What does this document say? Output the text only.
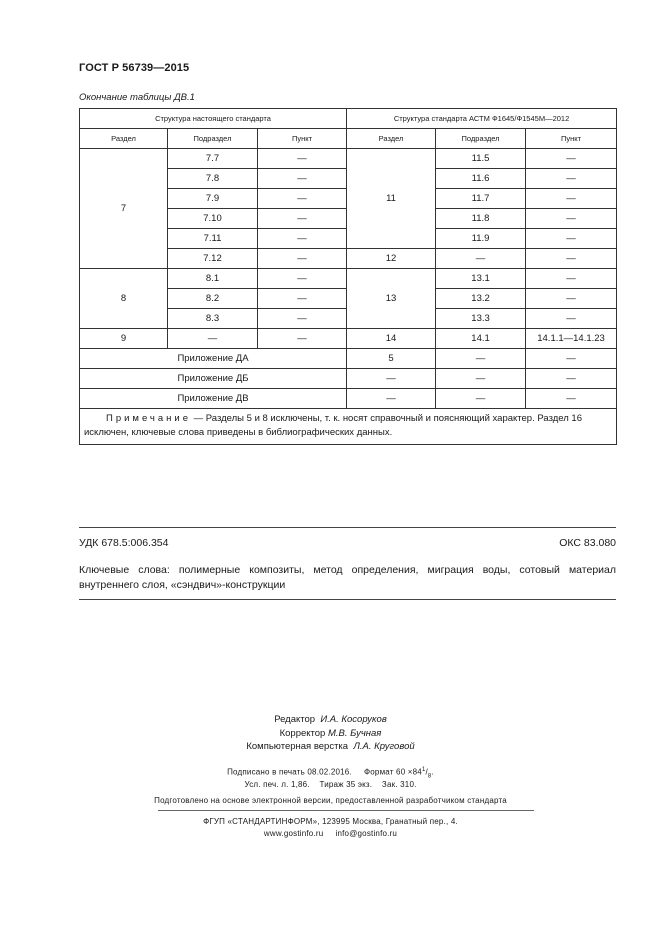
ГОСТ Р 56739—2015
Окончание таблицы ДВ.1
Структура настоящего стандарта			Структура стандарта АСТМ Ф1645/Ф1545M—2012		
Раздел	Подраздел	Пункт	Раздел	Подраздел	Пункт
7	7.7	—	11	11.5	—
	7.8	—		11.6	—
	7.9	—		11.7	—
	7.10	—		11.8	—
	7.11	—		11.9	—
	7.12	—	12	—	—
8	8.1	—	13	13.1	—
	8.2	—		13.2	—
	8.3	—		13.3	—
9	—	—	14	14.1	14.1.1—14.1.23
Приложение ДА			5	—	—
Приложение ДБ			—	—	—
Приложение ДВ			—	—	—
Примечание — Разделы 5 и 8 исключены, т. к. носят справочный и поясняющий характер. Раздел 16 исключен, ключевые слова приведены в библиографических данных.					
УДК 678.5:006.354	ОКС 83.080
Ключевые слова: полимерные композиты, метод определения, миграция воды, сотовый материал внутреннего слоя, «сэндвич»-конструкции
Редактор И.А. Косоруков
Корректор М.В. Бучная
Компьютерная верстка Л.А. Круговой
Подписано в печать 08.02.2016. Формат $60 \times 84^1/_8$.
Усл. печ. л. 1,86. Тираж 35 экз. Зак. 310.
Подготовлено на основе электронной версии, предоставленной разработчиком стандарта
ФГУП «СТАНДАРТИНФОРМ», 123995 Москва, Гранатный пер., 4.
www.gostinfo.ru info@gostinfo.ru
